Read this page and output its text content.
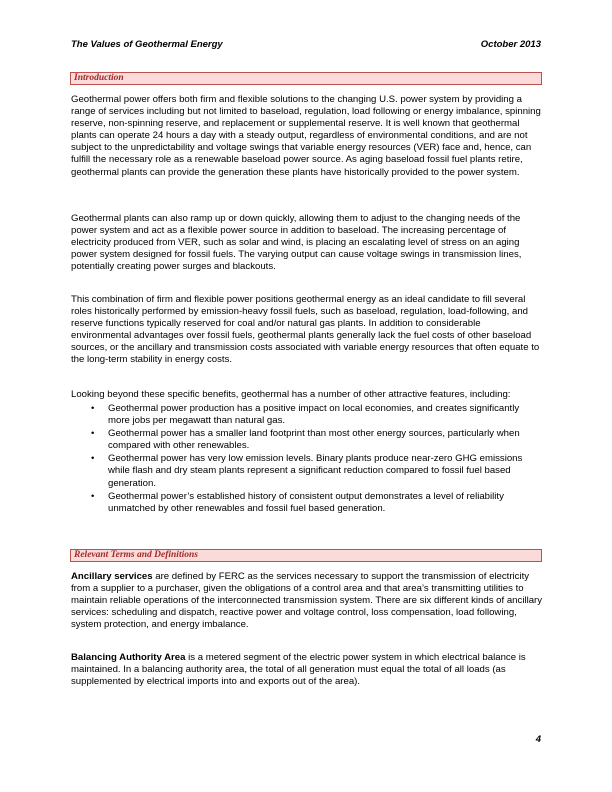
The Values of Geothermal Energy	October 2013
Introduction

Geothermal power offers both firm and flexible solutions to the changing U.S. power system by providing a range of services including but not limited to baseload, regulation, load following or energy imbalance, spinning reserve, non-spinning reserve, and replacement or supplemental reserve. It is well known that geothermal plants can operate 24 hours a day with a steady output, regardless of environmental conditions, and are not subject to the unpredictability and voltage swings that variable energy resources (VER) face and, hence, can fulfill the necessary role as a renewable baseload power source. As aging baseload fossil fuel plants retire, geothermal plants can provide the generation these plants have historically provided to the power system.

Geothermal plants can also ramp up or down quickly, allowing them to adjust to the changing needs of the power system and act as a flexible power source in addition to baseload. The increasing percentage of electricity produced from VER, such as solar and wind, is placing an escalating level of stress on an aging power system designed for fossil fuels. The varying output can cause voltage swings in transmission lines, potentially creating power surges and blackouts.

This combination of firm and flexible power positions geothermal energy as an ideal candidate to fill several roles historically performed by emission-heavy fossil fuels, such as baseload, regulation, load-following, and reserve functions typically reserved for coal and/or natural gas plants. In addition to considerable environmental advantages over fossil fuels, geothermal plants generally lack the fuel costs of other baseload sources, or the ancillary and transmission costs associated with variable energy resources that often equate to the long-term stability in energy costs.

Looking beyond these specific benefits, geothermal has a number of other attractive features, including:

• Geothermal power production has a positive impact on local economies, and creates significantly more jobs per megawatt than natural gas.
• Geothermal power has a smaller land footprint than most other energy sources, particularly when compared with other renewables.
• Geothermal power has very low emission levels. Binary plants produce near-zero GHG emissions while flash and dry steam plants represent a significant reduction compared to fossil fuel based generation.
• Geothermal power’s established history of consistent output demonstrates a level of reliability unmatched by other renewables and fossil fuel based generation.
Relevant Terms and Definitions

Ancillary services are defined by FERC as the services necessary to support the transmission of electricity from a supplier to a purchaser, given the obligations of a control area and that area’s transmitting utilities to maintain reliable operations of the interconnected transmission system. There are six different kinds of ancillary services: scheduling and dispatch, reactive power and voltage control, loss compensation, load following, system protection, and energy imbalance.

Balancing Authority Area is a metered segment of the electric power system in which electrical balance is maintained. In a balancing authority area, the total of all generation must equal the total of all loads (as supplemented by electrical imports into and exports out of the area).

4
